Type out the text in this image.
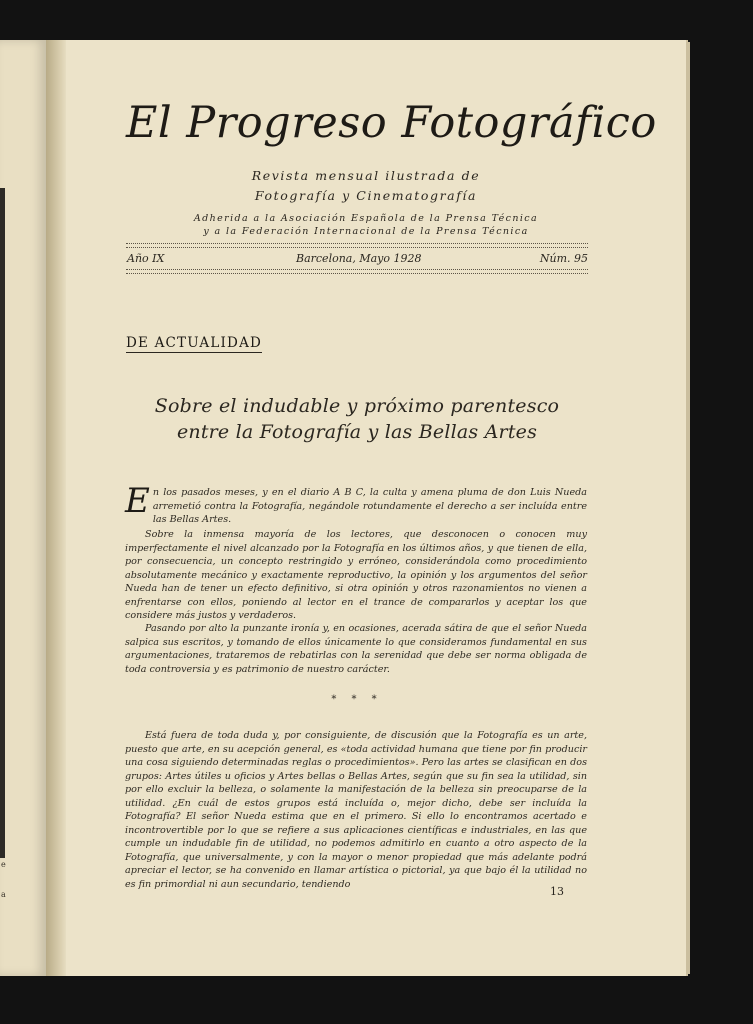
e
a
El Progreso Fotográfico
Revista mensual ilustrada de
Fotografía y Cinematografía
Adherida a la Asociación Española de la Prensa Técnica
y a la Federación Internacional de la Prensa Técnica
Año IX	Barcelona, Mayo 1928	Núm. 95
DE ACTUALIDAD
Sobre el indudable y próximo parentesco
entre la Fotografía y las Bellas Artes
E n los pasados meses, y en el diario A B C, la culta y amena pluma de don Luis Nueda arremetió contra la Fotografía, negándole rotundamente el derecho a ser incluída entre las Bellas Artes.
Sobre la inmensa mayoría de los lectores, que desconocen o conocen muy imperfectamente el nivel alcanzado por la Fotografía en los últimos años, y que tienen de ella, por consecuencia, un concepto restringido y erróneo, considerándola como procedimiento absolutamente mecánico y exactamente reproductivo, la opinión y los argumentos del señor Nueda han de tener un efecto definitivo, si otra opinión y otros razonamientos no vienen a enfrentarse con ellos, poniendo al lector en el trance de compararlos y aceptar los que considere más justos y verdaderos.
Pasando por alto la punzante ironía y, en ocasiones, acerada sátira de que el señor Nueda salpica sus escritos, y tomando de ellos únicamente lo que consideramos fundamental en sus argumentaciones, trataremos de rebatirlas con la serenidad que debe ser norma obligada de toda controversia y es patrimonio de nuestro carácter.
* * *
Está fuera de toda duda y, por consiguiente, de discusión que la Fotografía es un arte, puesto que arte, en su acepción general, es «toda actividad humana que tiene por fin producir una cosa siguiendo determinadas reglas o procedimientos». Pero las artes se clasifican en dos grupos: Artes útiles u oficios y Artes bellas o Bellas Artes, según que su fin sea la utilidad, sin por ello excluir la belleza, o solamente la manifestación de la belleza sin preocuparse de la utilidad. ¿En cuál de estos grupos está incluída o, mejor dicho, debe ser incluída la Fotografía? El señor Nueda estima que en el primero. Si ello lo encontramos acertado e incontrovertible por lo que se refiere a sus aplicaciones científicas e industriales, en las que cumple un indudable fin de utilidad, no podemos admitirlo en cuanto a otro aspecto de la Fotografía, que universalmente, y con la mayor o menor propiedad que más adelante podrá apreciar el lector, se ha convenido en llamar artística o pictorial, ya que bajo él la utilidad no es fin primordial ni aun secundario, tendiendo
13
